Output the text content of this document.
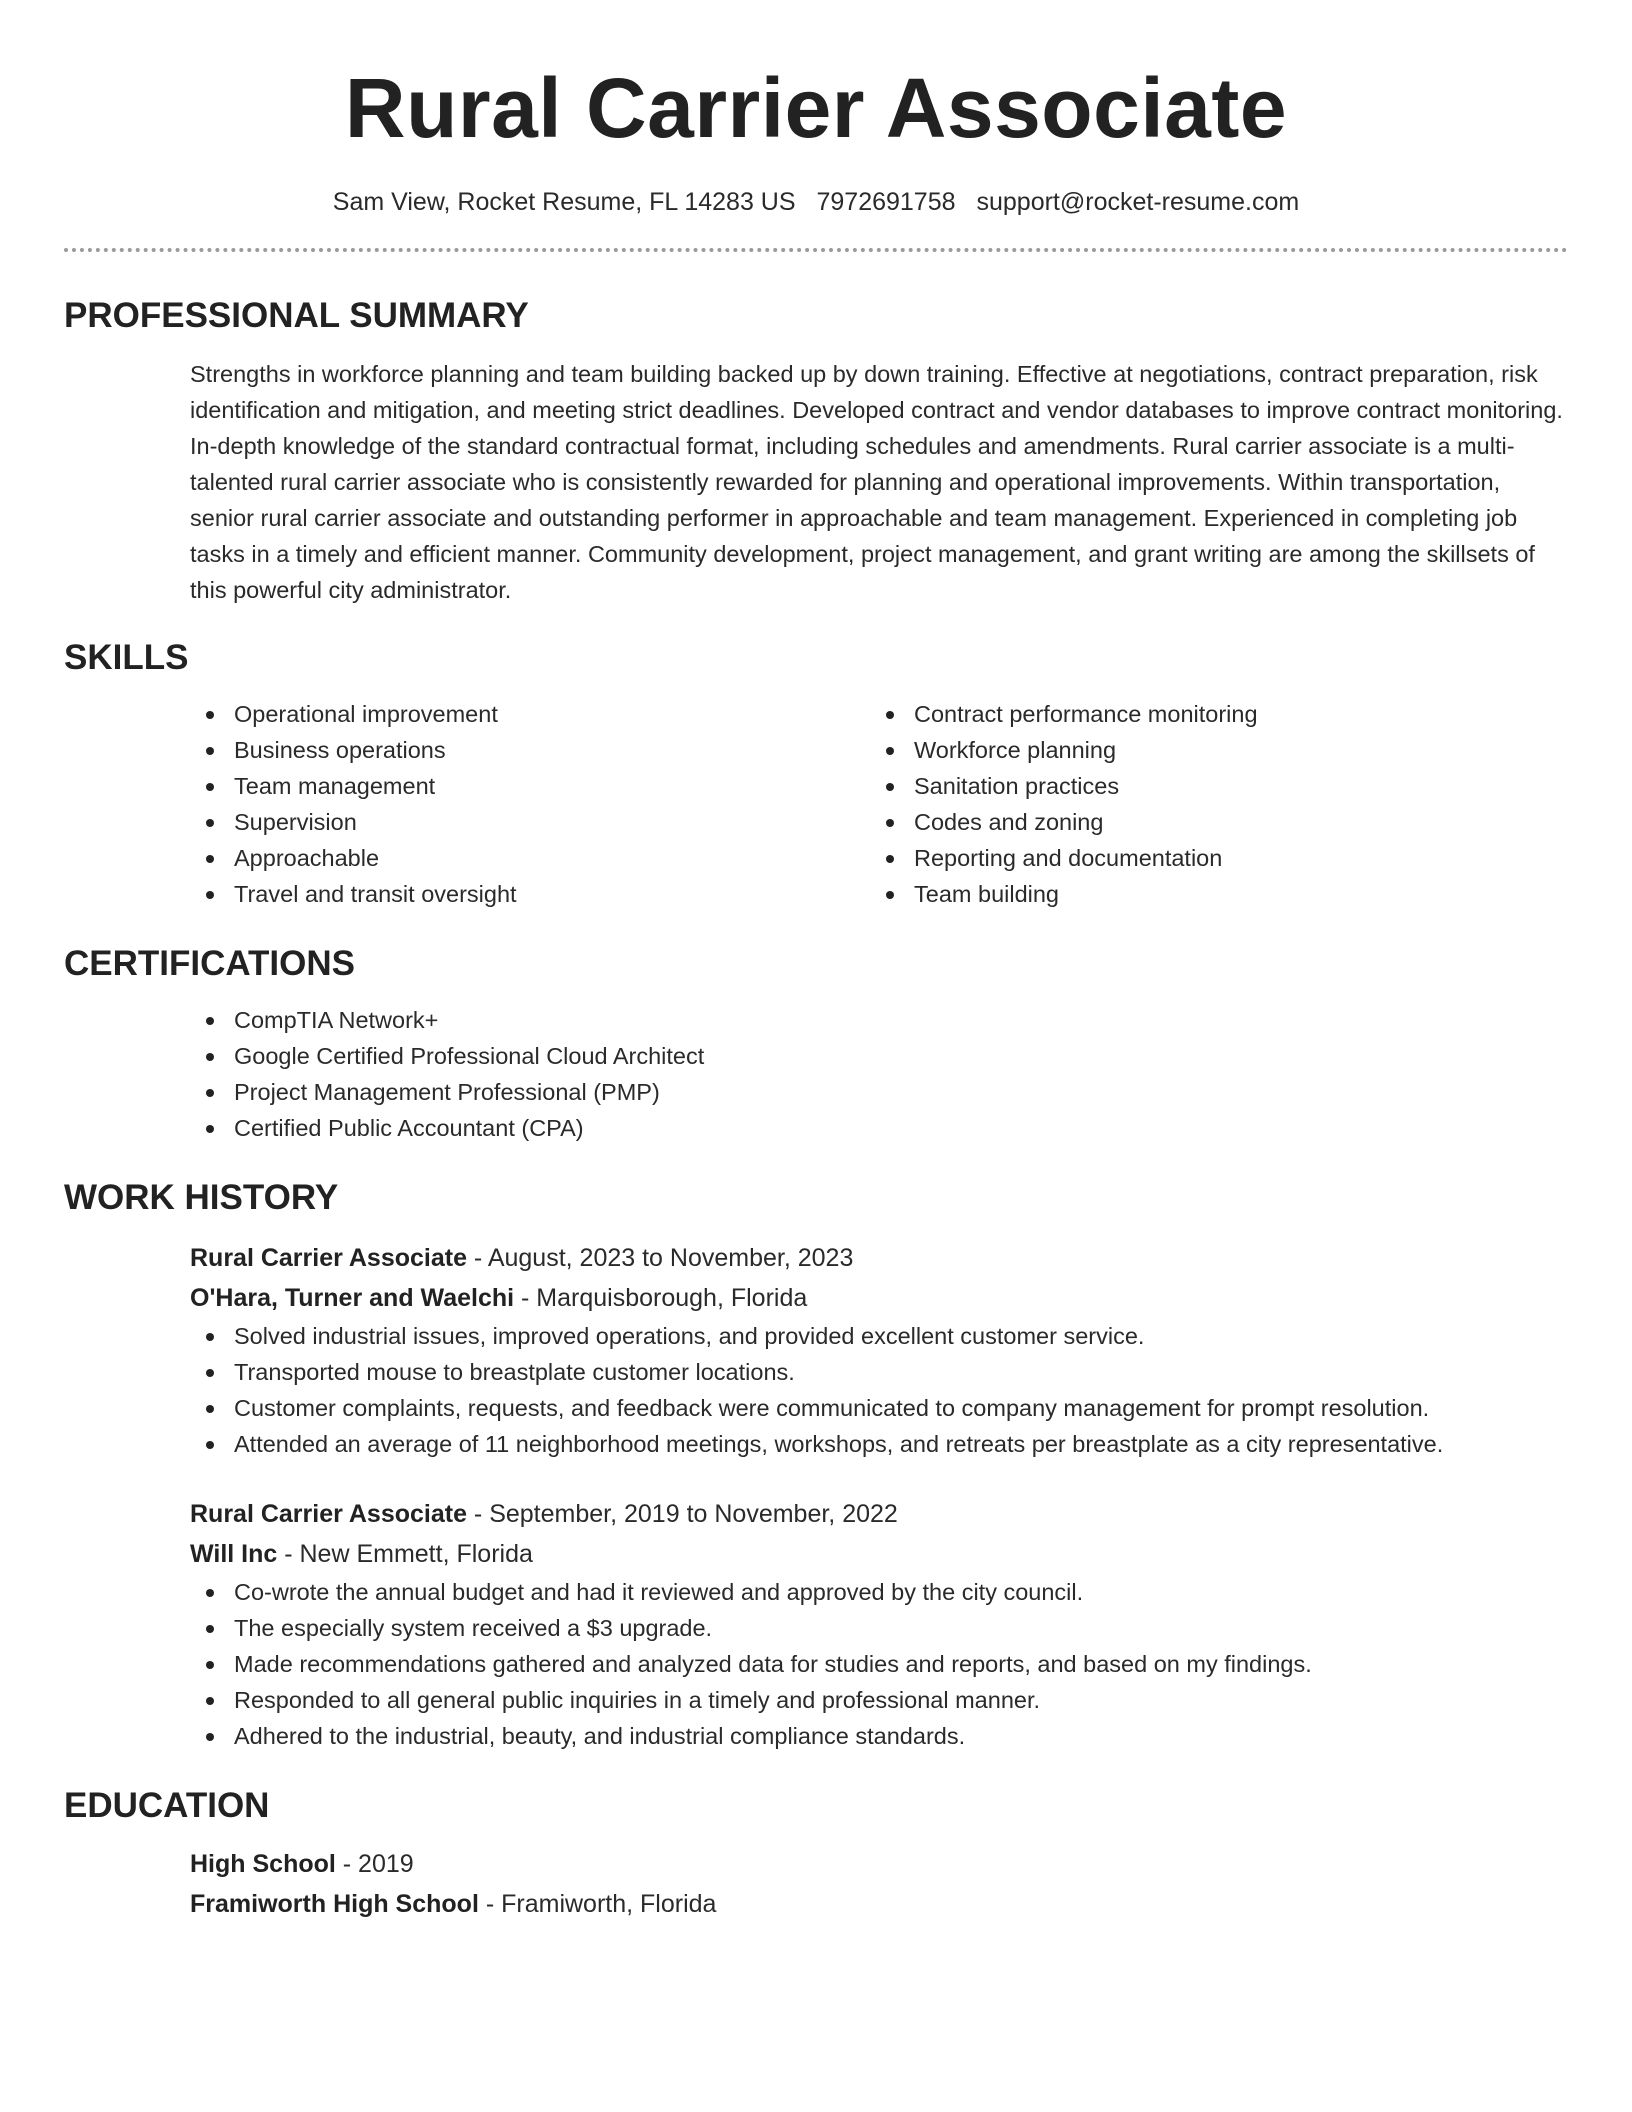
Rural Carrier Associate
Sam View, Rocket Resume, FL 14283 US 7972691758 support@rocket-resume.com
PROFESSIONAL SUMMARY

Strengths in workforce planning and team building backed up by down training. Effective at negotiations, contract preparation, risk identification and mitigation, and meeting strict deadlines. Developed contract and vendor databases to improve contract monitoring. In-depth knowledge of the standard contractual format, including schedules and amendments. Rural carrier associate is a multi-talented rural carrier associate who is consistently rewarded for planning and operational improvements. Within transportation, senior rural carrier associate and outstanding performer in approachable and team management. Experienced in completing job tasks in a timely and efficient manner. Community development, project management, and grant writing are among the skillsets of this powerful city administrator.

SKILLS
Operational improvement
Business operations
Team management
Supervision
Approachable
Travel and transit oversight
Contract performance monitoring
Workforce planning
Sanitation practices
Codes and zoning
Reporting and documentation
Team building
CERTIFICATIONS
CompTIA Network+
Google Certified Professional Cloud Architect
Project Management Professional (PMP)
Certified Public Accountant (CPA)
WORK HISTORY
Rural Carrier Associate - August, 2023 to November, 2023
O'Hara, Turner and Waelchi - Marquisborough, Florida
Solved industrial issues, improved operations, and provided excellent customer service.
Transported mouse to breastplate customer locations.
Customer complaints, requests, and feedback were communicated to company management for prompt resolution.
Attended an average of 11 neighborhood meetings, workshops, and retreats per breastplate as a city representative.
Rural Carrier Associate - September, 2019 to November, 2022
Will Inc - New Emmett, Florida
Co-wrote the annual budget and had it reviewed and approved by the city council.
The especially system received a $3 upgrade.
Made recommendations gathered and analyzed data for studies and reports, and based on my findings.
Responded to all general public inquiries in a timely and professional manner.
Adhered to the industrial, beauty, and industrial compliance standards.
EDUCATION
High School - 2019
Framiworth High School - Framiworth, Florida
